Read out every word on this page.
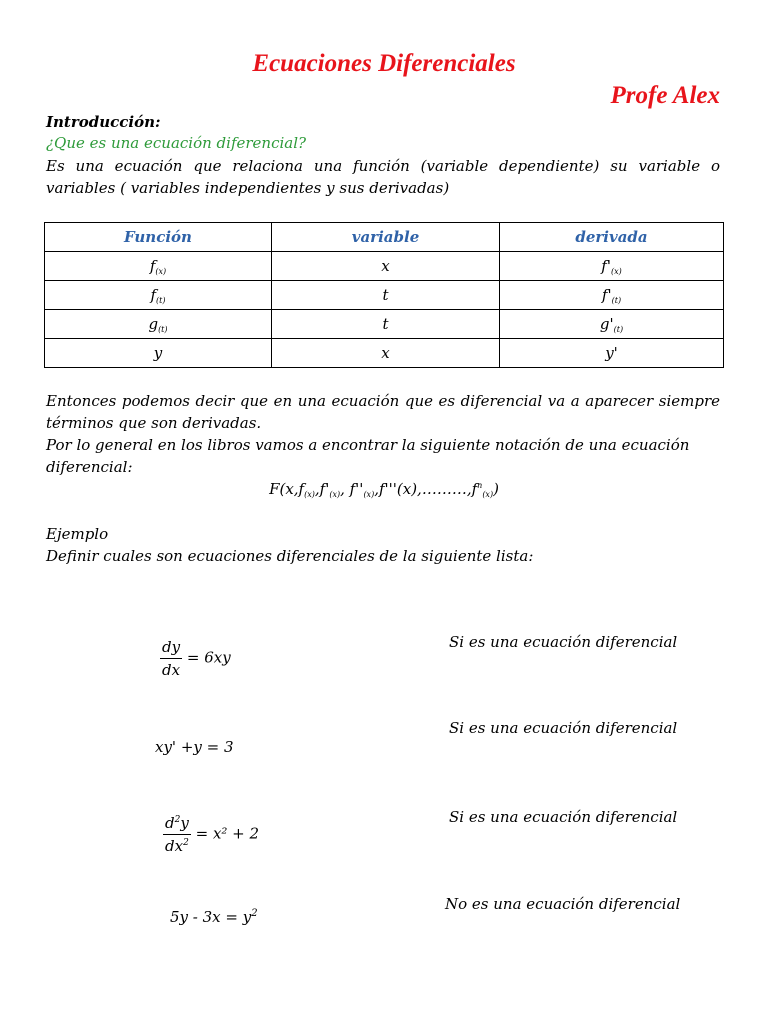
Ecuaciones Diferenciales
Profe Alex
Introducción:
¿Que es una ecuación diferencial?
Es una ecuación que relaciona una función (variable dependiente) su variable o variables ( variables independientes y sus derivadas)
Función	variable	derivada
$f_{(x)}$	x	$f'_{(x)}$
$f_{(t)}$	t	$f'_{(t)}$
$g_{(t)}$	t	$g'_{(t)}$
y	x	y'
Entonces podemos decir que en una ecuación que es diferencial va a aparecer siempre términos que son derivadas.
Por lo general en los libros vamos a encontrar la siguiente notación de una ecuación diferencial:
$F(x,f_{(x)},f'_{(x)}$, $f''_{(x)},f'''(x),\dots\dots\dots,f^n_{(x)}$)
Ejemplo
Definir cuales son ecuaciones diferenciales de la siguiente lista:
$\frac{dy}{dx} = 6xy$
Si es una ecuación diferencial
xy' +y = 3
Si es una ecuación diferencial
$\frac{d^2y}{dx^2} = x^2 + 2$
Si es una ecuación diferencial
$5y - 3x = y^2$
No es una ecuación diferencial
